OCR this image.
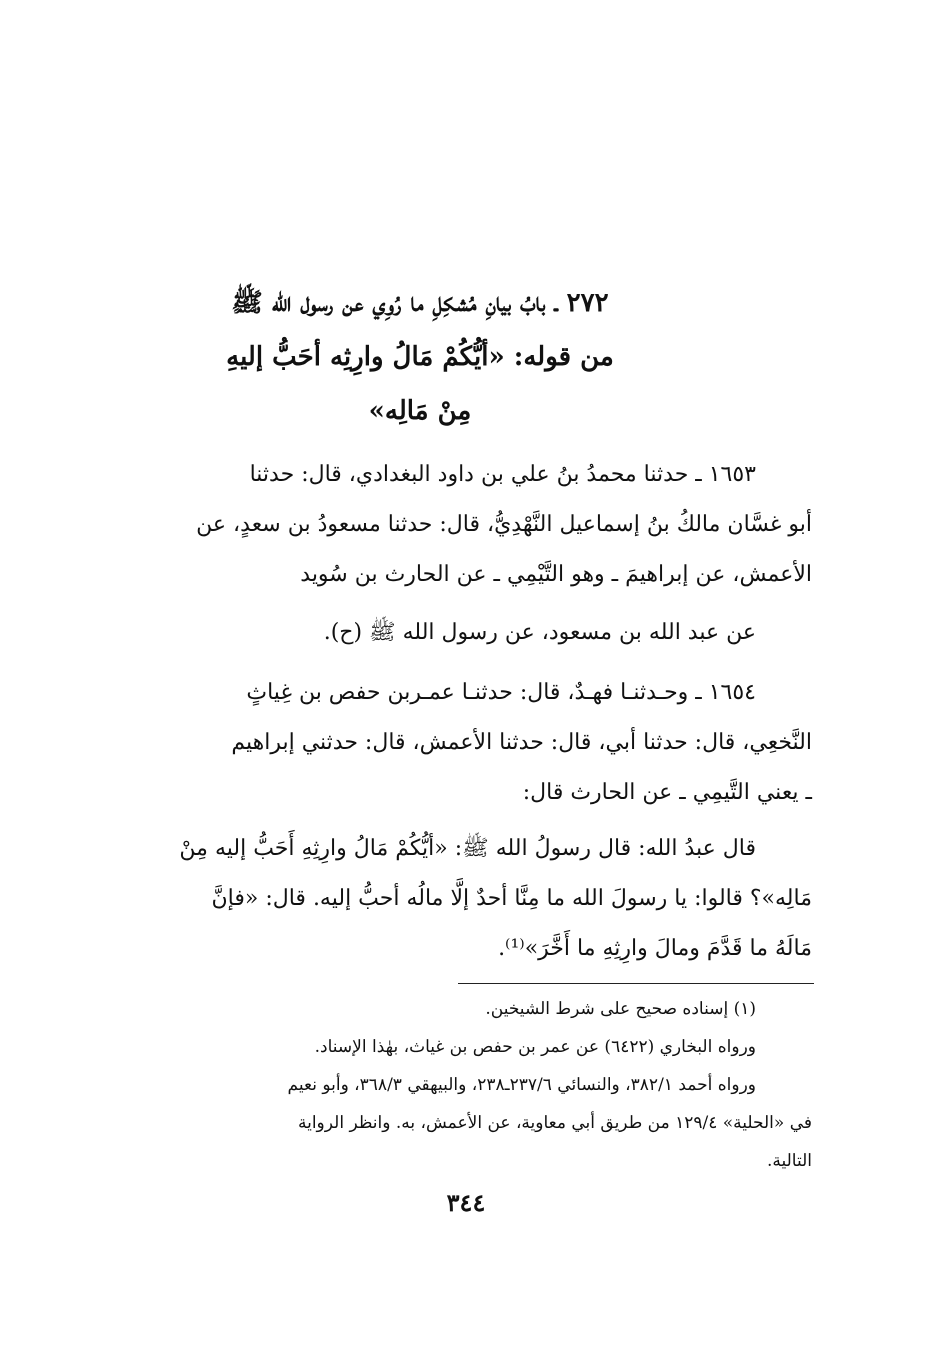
٢٧٢ ـ بابُ بيانِ مُشكِلِ ما رُوِي عن رسول الله ﷺ
من قوله: «أيُّكُمْ مَالُ وارِثِه أحَبُّ إليهِ
مِنْ مَالِه»
١٦٥٣ ـ حدثنا محمدُ بنُ علي بن داود البغدادي، قال: حدثنا
أبو غسَّان مالكُ بنُ إسماعيل النَّهْدِيُّ، قال: حدثنا مسعودُ بن سعدٍ، عن
الأعمش، عن إبراهيمَ ـ وهو التَّيْمِي ـ عن الحارث بن سُويد
عن عبد الله بن مسعود، عن رسول الله ﷺ (ح).
١٦٥٤ ـ وحـدثنـا فهـدٌ، قال: حدثنـا عمـربن حفص بن غِياثٍ
النَّخعِي، قال: حدثنا أبي، قال: حدثنا الأعمش، قال: حدثني إبراهيم
ـ يعني التَّيمِي ـ عن الحارث قال:
قال عبدُ الله: قال رسولُ الله ﷺ: «أيُّكُمْ مَالُ وارِثِهِ أَحَبُّ إليه مِنْ
مَالِه»؟ قالوا: يا رسولَ الله ما مِنَّا أحدٌ إلَّا مالُه أحبُّ إليه. قال: «فإنَّ
مَالَهُ ما قَدَّمَ ومالَ وارِثِهِ ما أَخَّرَ»⁽¹⁾.
(١) إسناده صحيح على شرط الشيخين.
ورواه البخاري (٦٤٢٢) عن عمر بن حفص بن غياث، بهٰذا الإسناد.
ورواه أحمد ٣٨٢/١، والنسائي ٢٣٧/٦ـ٢٣٨، والبيهقي ٣٦٨/٣، وأبو نعيم
في «الحلية» ١٢٩/٤ من طريق أبي معاوية، عن الأعمش، به. وانظر الرواية
التالية.
٣٤٤
